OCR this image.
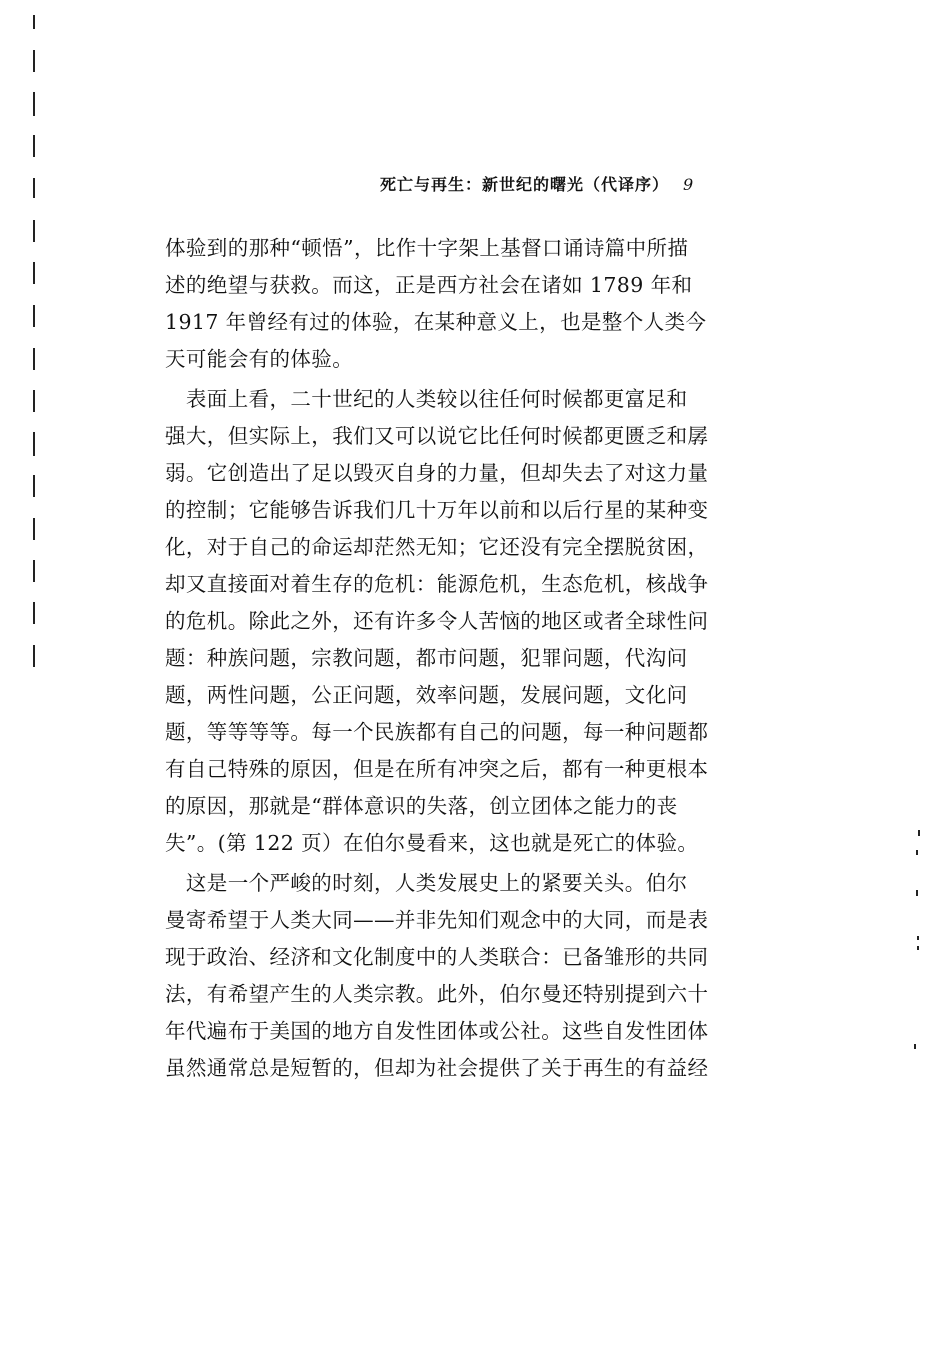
死亡与再生：新世纪的曙光（代译序） 9
体验到的那种“顿悟”，比作十字架上基督口诵诗篇中所描
述的绝望与获救。而这，正是西方社会在诸如 1789 年和
1917 年曾经有过的体验，在某种意义上，也是整个人类今
天可能会有的体验。
　表面上看，二十世纪的人类较以往任何时候都更富足和
强大，但实际上，我们又可以说它比任何时候都更匮乏和孱
弱。它创造出了足以毁灭自身的力量，但却失去了对这力量
的控制；它能够告诉我们几十万年以前和以后行星的某种变
化，对于自己的命运却茫然无知；它还没有完全摆脱贫困，
却又直接面对着生存的危机：能源危机，生态危机，核战争
的危机。除此之外，还有许多令人苦恼的地区或者全球性问
题：种族问题，宗教问题，都市问题，犯罪问题，代沟问
题，两性问题，公正问题，效率问题，发展问题，文化问
题，等等等等。每一个民族都有自己的问题，每一种问题都
有自己特殊的原因，但是在所有冲突之后，都有一种更根本
的原因，那就是“群体意识的失落，创立团体之能力的丧
失”。(第 122 页）在伯尔曼看来，这也就是死亡的体验。
　这是一个严峻的时刻，人类发展史上的紧要关头。伯尔
曼寄希望于人类大同——并非先知们观念中的大同，而是表
现于政治、经济和文化制度中的人类联合：已备雏形的共同
法，有希望产生的人类宗教。此外，伯尔曼还特别提到六十
年代遍布于美国的地方自发性团体或公社。这些自发性团体
虽然通常总是短暂的，但却为社会提供了关于再生的有益经
